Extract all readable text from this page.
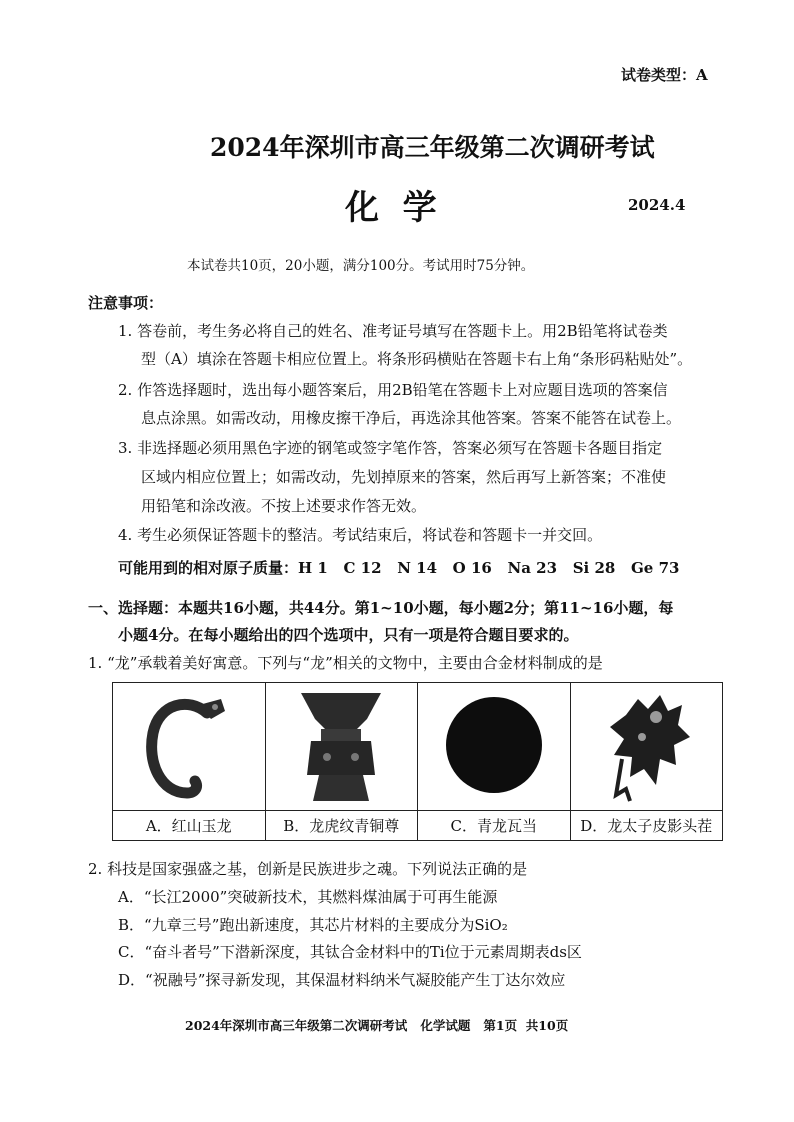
试卷类型：A
2024年深圳市高三年级第二次调研考试
化  学	2024.4
本试卷共10页，20小题，满分100分。考试用时75分钟。
注意事项：
1. 答卷前，考生务必将自己的姓名、准考证号填写在答题卡上。用2B铅笔将试卷类
型（A）填涂在答题卡相应位置上。将条形码横贴在答题卡右上角“条形码粘贴处”。
2. 作答选择题时，选出每小题答案后，用2B铅笔在答题卡上对应题目选项的答案信
息点涂黑。如需改动，用橡皮擦干净后，再选涂其他答案。答案不能答在试卷上。
3. 非选择题必须用黑色字迹的钢笔或签字笔作答，答案必须写在答题卡各题目指定
区域内相应位置上；如需改动，先划掉原来的答案，然后再写上新答案；不准使
用铅笔和涂改液。不按上述要求作答无效。
4. 考生必须保证答题卡的整洁。考试结束后，将试卷和答题卡一并交回。
可能用到的相对原子质量：H 1   C 12   N 14   O 16   Na 23   Si 28   Ge 73
一、选择题：本题共16小题，共44分。第1~10小题，每小题2分；第11~16小题，每
小题4分。在每小题给出的四个选项中，只有一项是符合题目要求的。
1. “龙”承载着美好寓意。下列与“龙”相关的文物中，主要由合金材料制成的是

A．红山玉龙	B．龙虎纹青铜尊	C．青龙瓦当	D．龙太子皮影头茬
2. 科技是国家强盛之基，创新是民族进步之魂。下列说法正确的是
A．“长江2000”突破新技术，其燃料煤油属于可再生能源
B．“九章三号”跑出新速度，其芯片材料的主要成分为SiO₂
C．“奋斗者号”下潜新深度，其钛合金材料中的Ti位于元素周期表ds区
D．“祝融号”探寻新发现，其保温材料纳米气凝胶能产生丁达尔效应
2024年深圳市高三年级第二次调研考试   化学试题   第1页  共10页
